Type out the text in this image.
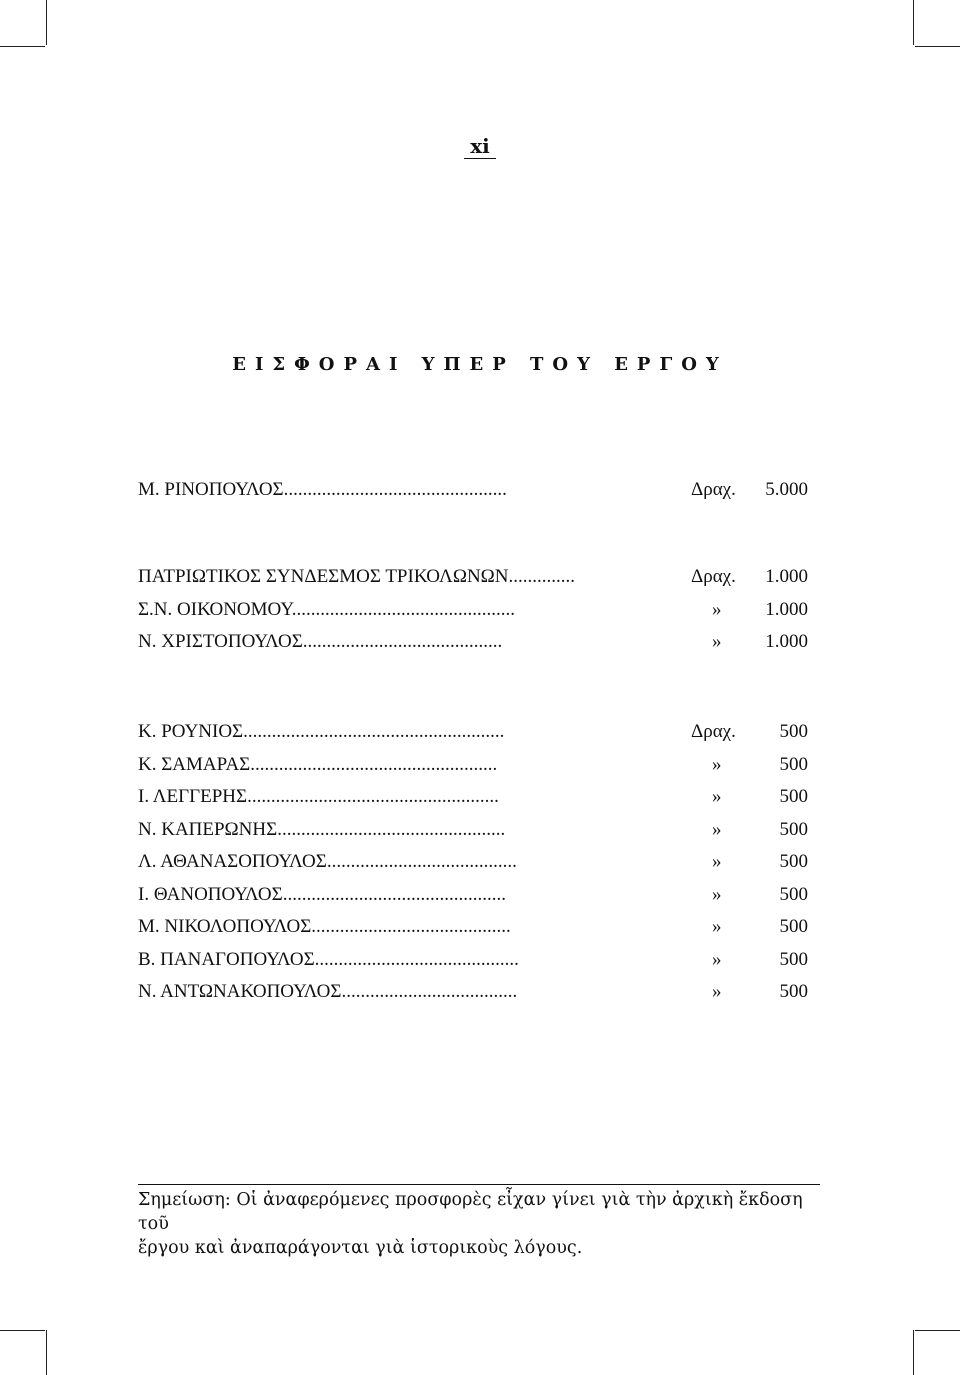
xi
ΕΙΣΦΟΡΑΙ ΥΠΕΡ ΤΟΥ ΕΡΓΟΥ
Μ. ΡΙΝΟΠΟΥΛΟΣ...............................................	Δραχ. 5.000
ΠΑΤΡΙΩΤΙΚΟΣ ΣΥΝΔΕΣΜΟΣ ΤΡΙΚΟΛΩΝΩΝ..............	Δραχ. 1.000
Σ.Ν. ΟΙΚΟΝΟΜΟΥ...............................................	»	1.000
Ν. ΧΡΙΣΤΟΠΟΥΛΟΣ..........................................	»	1.000
Κ. ΡΟΥΝΙΟΣ.......................................................	Δραχ. 500
Κ. ΣΑΜΑΡΑΣ....................................................	»	500
Ι. ΛΕΓΓΕΡΗΣ.....................................................	»	500
Ν. ΚΑΠΕΡΩΝΗΣ................................................	»	500
Λ. ΑΘΑΝΑΣΟΠΟΥΛΟΣ........................................	»	500
Ι. ΘΑΝΟΠΟΥΛΟΣ...............................................	»	500
Μ. ΝΙΚΟΛΟΠΟΥΛΟΣ..........................................	»	500
Β. ΠΑΝΑΓΟΠΟΥΛΟΣ...........................................	»	500
Ν. ΑΝΤΩΝΑΚΟΠΟΥΛΟΣ.....................................	»	500
Σημείωση: Οἱ ἀναφερόμενες προσφορὲς εἶχαν γίνει γιὰ τὴν ἀρχικὴ ἔκδοση τοῦ
ἔργου καὶ ἀναπαράγονται γιὰ ἱστορικοὺς λόγους.
